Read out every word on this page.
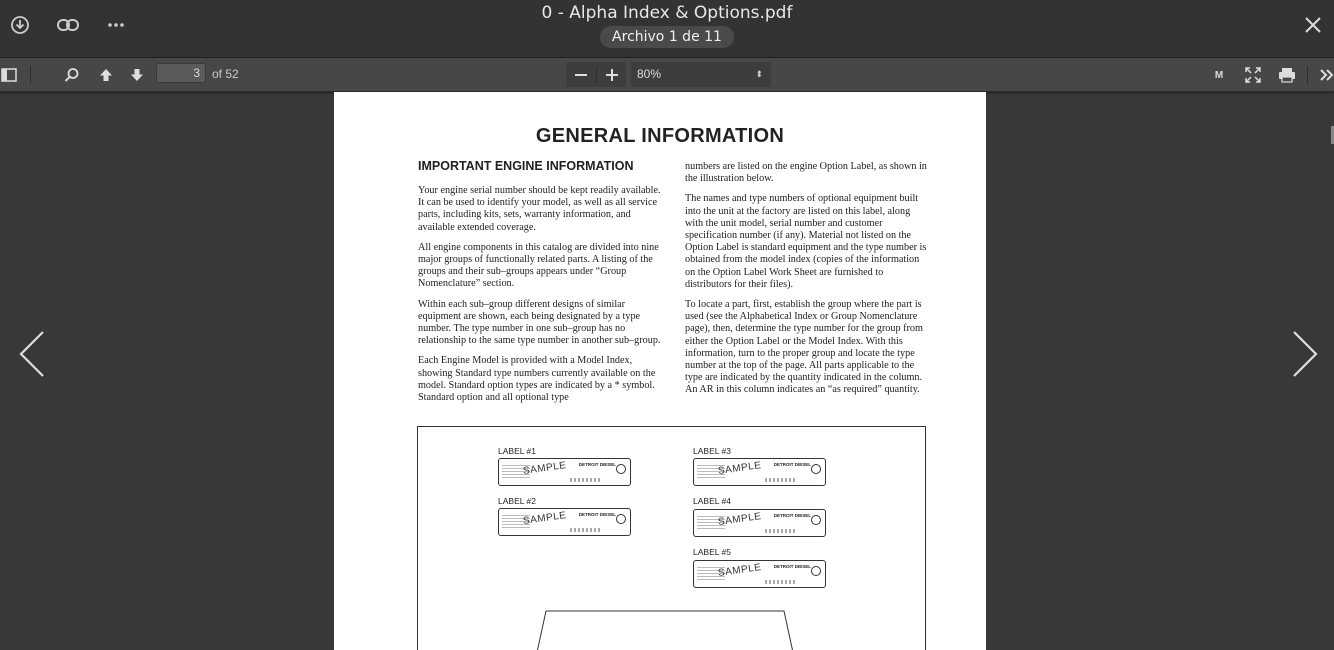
0 - Alpha Index & Options.pdf
Archivo 1 de 11
3	of 52	80%	⬍	M
GENERAL INFORMATION
IMPORTANT ENGINE INFORMATION

Your engine serial number should be kept readily available. It can be used to identify your model, as well as all service parts, including kits, sets, warranty information, and available extended coverage.

All engine components in this catalog are divided into nine major groups of functionally related parts. A listing of the groups and their sub–groups appears under “Group Nomenclature” section.

Within each sub–group different designs of similar equipment are shown, each being designated by a type number. The type number in one sub–group has no relationship to the same type number in another sub–group.

Each Engine Model is provided with a Model Index, showing Standard type numbers currently available on the model. Standard option types are indicated by a * symbol. Standard option and all optional type

numbers are listed on the engine Option Label, as shown in the illustration below.

The names and type numbers of optional equipment built into the unit at the factory are listed on this label, along with the unit model, serial number and customer specification number (if any). Material not listed on the Option Label is standard equipment and the type number is obtained from the model index (copies of the information on the Option Label Work Sheet are furnished to distributors for their files).

To locate a part, first, establish the group where the part is used (see the Alphabetical Index or Group Nomenclature page), then, determine the type number for the group from either the Option Label or the Model Index. With this information, turn to the proper group and locate the type number at the top of the page. All parts applicable to the type are indicated by the quantity indicated in the column. An AR in this column indicates an “as required” quantity.

LABEL #1
SAMPLE	DETROIT DIESEL
LABEL #2
SAMPLE	DETROIT DIESEL
LABEL #3
SAMPLE	DETROIT DIESEL
LABEL #4
SAMPLE	DETROIT DIESEL
LABEL #5
SAMPLE	DETROIT DIESEL
